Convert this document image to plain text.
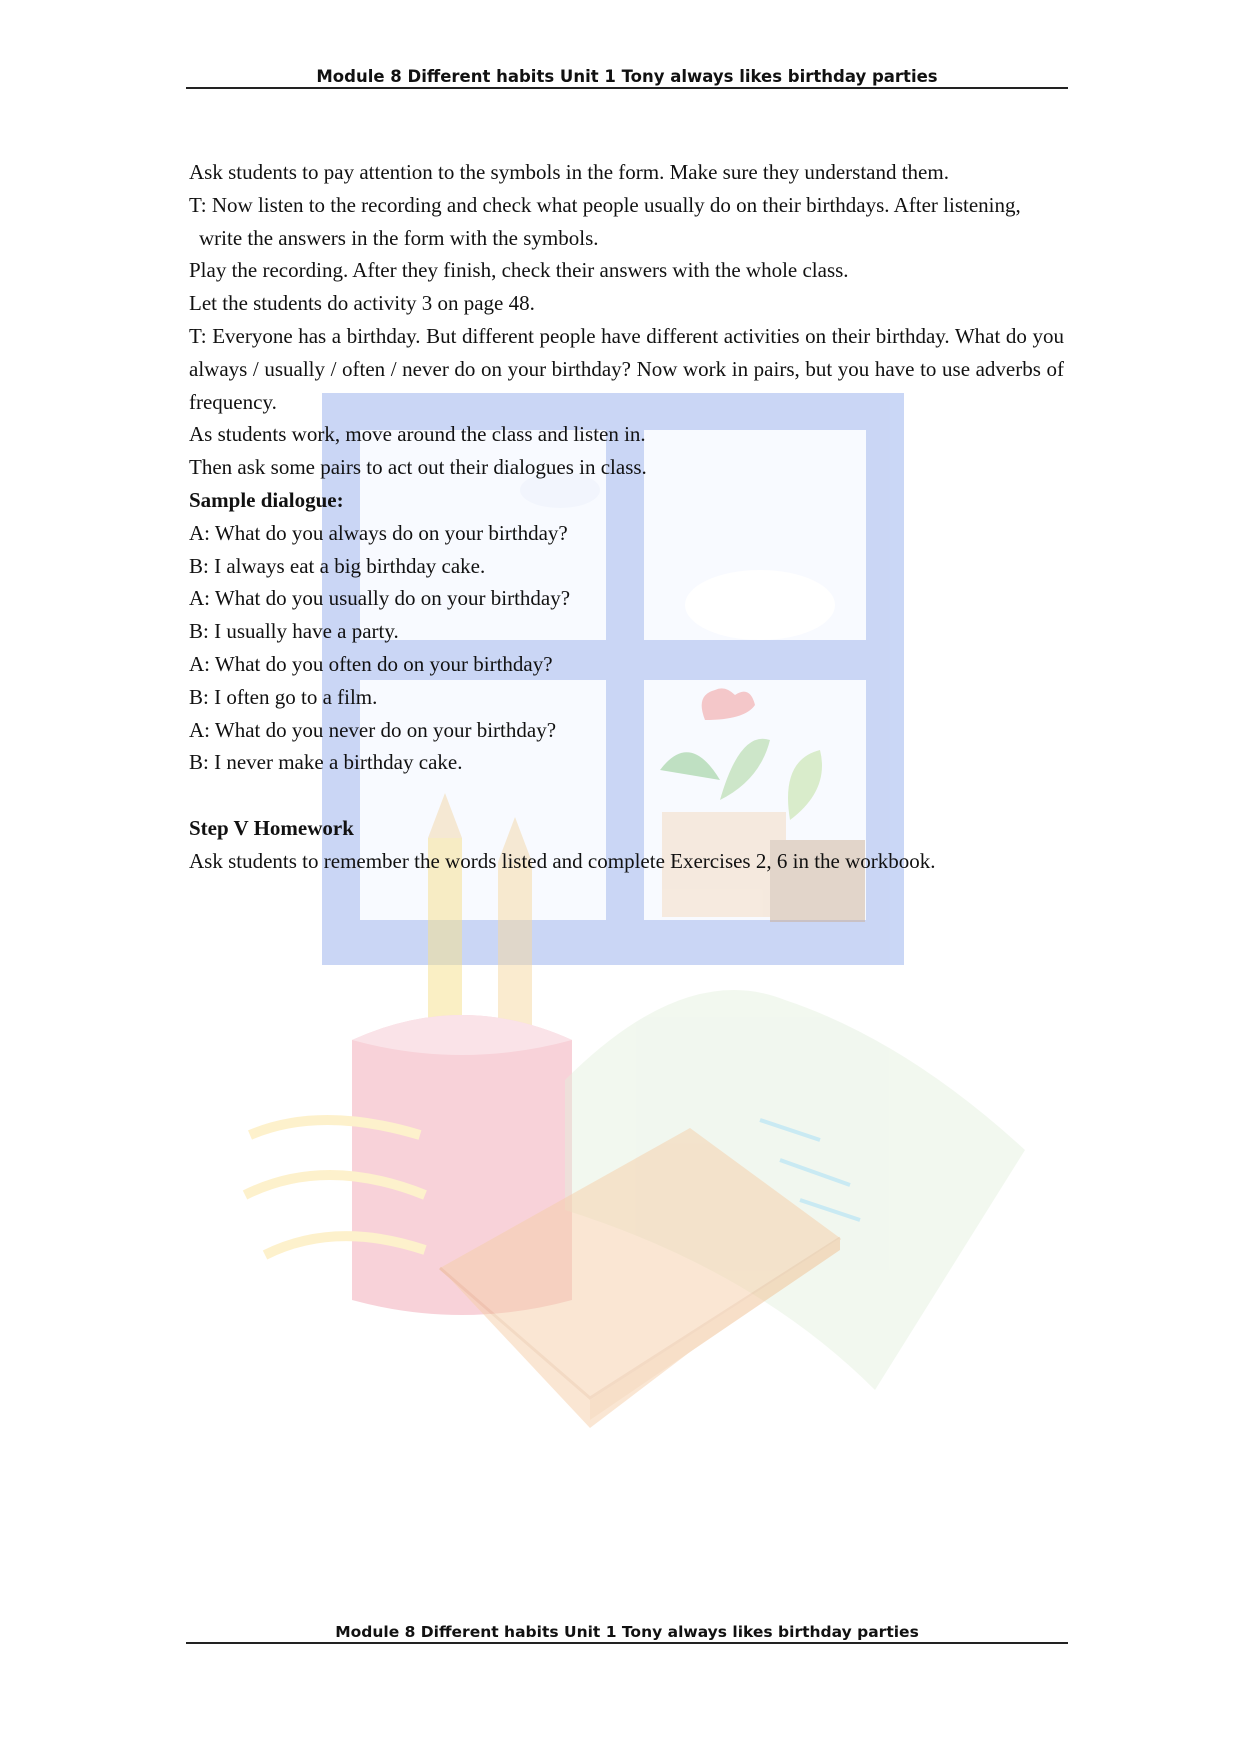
Module 8 Different habits Unit 1 Tony always likes birthday parties

Ask students to pay attention to the symbols in the form. Make sure they understand them.

T: Now listen to the recording and check what people usually do on their birthdays. After listening,

write the answers in the form with the symbols.

Play the recording. After they finish, check their answers with the whole class.

Let the students do activity 3 on page 48.

T: Everyone has a birthday. But different people have different activities on their birthday. What do you always / usually / often / never do on your birthday? Now work in pairs, but you have to use adverbs of frequency.

As students work, move around the class and listen in.

Then ask some pairs to act out their dialogues in class.

Sample dialogue:

A: What do you always do on your birthday?

B: I always eat a big birthday cake.

A: What do you usually do on your birthday?

B: I usually have a party.

A: What do you often do on your birthday?

B: I often go to a film.

A: What do you never do on your birthday?

B: I never make a birthday cake.

Step V Homework

Ask students to remember the words listed and complete Exercises 2, 6 in the workbook.

Module 8 Different habits Unit 1 Tony always likes birthday parties
